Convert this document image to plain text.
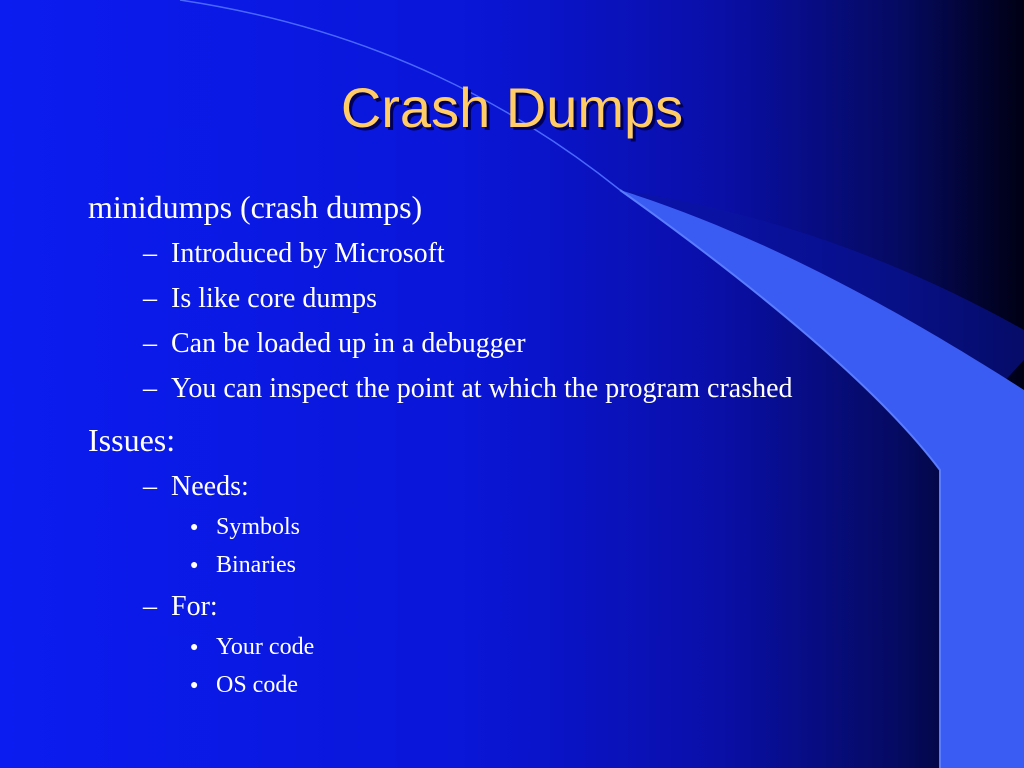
Crash Dumps
minidumps (crash dumps)
– Introduced by Microsoft
– Is like core dumps
– Can be loaded up in a debugger
– You can inspect the point at which the program crashed
Issues:
– Needs:
● Symbols
● Binaries
– For:
● Your code
● OS code
